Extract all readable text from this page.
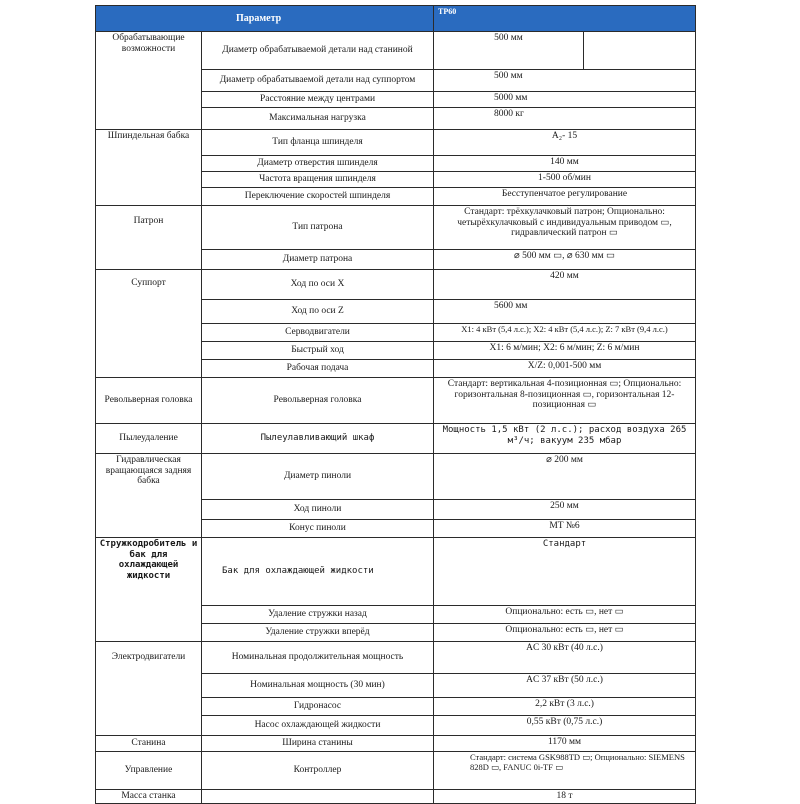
Параметр		TP60	
Обрабатывающие возможности	Диаметр обрабатываемой детали над станиной	500 мм	
	Диаметр обрабатываемой детали над суппортом	500 мм	
	Расстояние между центрами	5000 мм	
	Максимальная нагрузка	8000 кг	
Шпиндельная бабка	Тип фланца шпинделя	A₂- 15	
	Диаметр отверстия шпинделя	140 мм	
	Частота вращения шпинделя	1-500 об/мин	
	Переключение скоростей шпинделя	Бесступенчатое регулирование	
Патрон	Тип патрона	Стандарт: трёхкулачковый патрон; Опционально: четырёхкулачковый с индивидуальным приводом ▭, гидравлический патрон ▭	
	Диаметр патрона	⌀ 500 мм ▭, ⌀ 630 мм ▭	
Суппорт	Ход по оси X	420 мм	
	Ход по оси Z	5600 мм	
	Серводвигатели	X1: 4 кВт (5,4 л.с.); X2: 4 кВт (5,4 л.с.); Z: 7 кВт (9,4 л.с.)	
	Быстрый ход	X1: 6 м/мин; X2: 6 м/мин; Z: 6 м/мин	
	Рабочая подача	X/Z: 0,001-500 мм	
Револьверная головка	Револьверная головка	Стандарт: вертикальная 4-позиционная ▭; Опционально: горизонтальная 8-позиционная ▭, горизонтальная 12-позиционная ▭	
Пылеудаление	Пылеулавливающий шкаф	Мощность 1,5 кВт (2 л.с.); расход воздуха 265 м³/ч; вакуум 235 мбар	
Гидравлическая вращающаяся задняя бабка	Диаметр пиноли	⌀ 200 мм	
	Ход пиноли	250 мм	
	Конус пиноли	MT №6	
Стружкодробитель и бак для охлаждающей жидкости	Бак для охлаждающей жидкости	Стандарт	
	Удаление стружки назад	Опционально: есть ▭, нет ▭	
	Удаление стружки вперёд	Опционально: есть ▭, нет ▭	
Электродвигатели	Номинальная продолжительная мощность	AC 30 кВт (40 л.с.)	
	Номинальная мощность (30 мин)	AC 37 кВт (50 л.с.)	
	Гидронасос	2,2 кВт (3 л.с.)	
	Насос охлаждающей жидкости	0,55 кВт (0,75 л.с.)	
Станина	Ширина станины	1170 мм	
Управление	Контроллер	Стандарт: система GSK988TD ▭; Опционально: SIEMENS 828D ▭, FANUC 0i-TF ▭	
Масса станка		18 т	
